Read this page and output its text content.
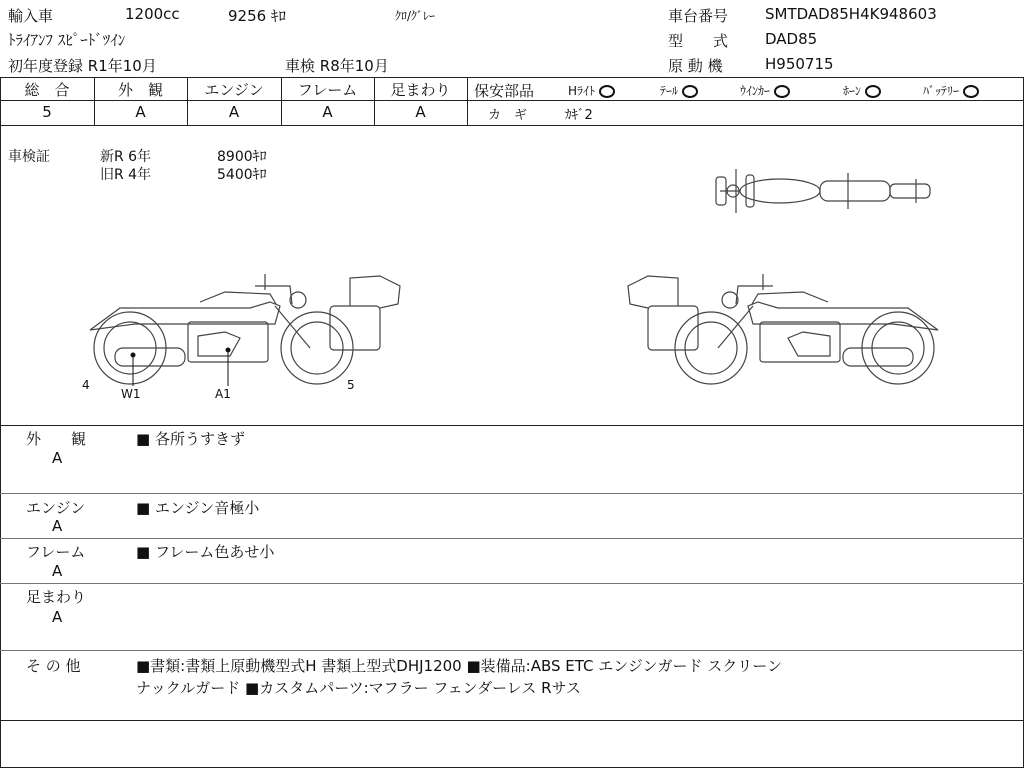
輸入車	1200cc	9256 ｷﾛ	ｸﾛ/ｸﾞﾚｰ
ﾄﾗｲｱﾝﾌ ｽﾋﾟｰﾄﾞﾂｲﾝ
初年度登録 R1年10月	車検 R8年10月
車台番号 SMTDAD85H4K948603
型　　式 DAD85
原 動 機	H950715
総　合	外　観	エンジン	フレーム	足まわり
5	A	A	A	A
保安部品	Hﾗｲﾄ	ﾃｰﾙ	ｳｲﾝｶｰ	ﾎｰﾝ	ﾊﾞｯﾃﾘｰ
カ　ギ	ｶｷﾞ2
車検証	新R 6年	8900ｷﾛ
旧R 4年	5400ｷﾛ
4
W1	A1
5
外　　観
A
■ 各所うすきず
エンジン
A
■ エンジン音極小
フレーム
A
■ フレーム色あせ小
足まわり
A
そ の 他	■書類:書類上原動機型式H 書類上型式DHJ1200 ■装備品:ABS ETC エンジンガード スクリーン
ナックルガード ■カスタムパーツ:マフラー フェンダーレス Rサス
